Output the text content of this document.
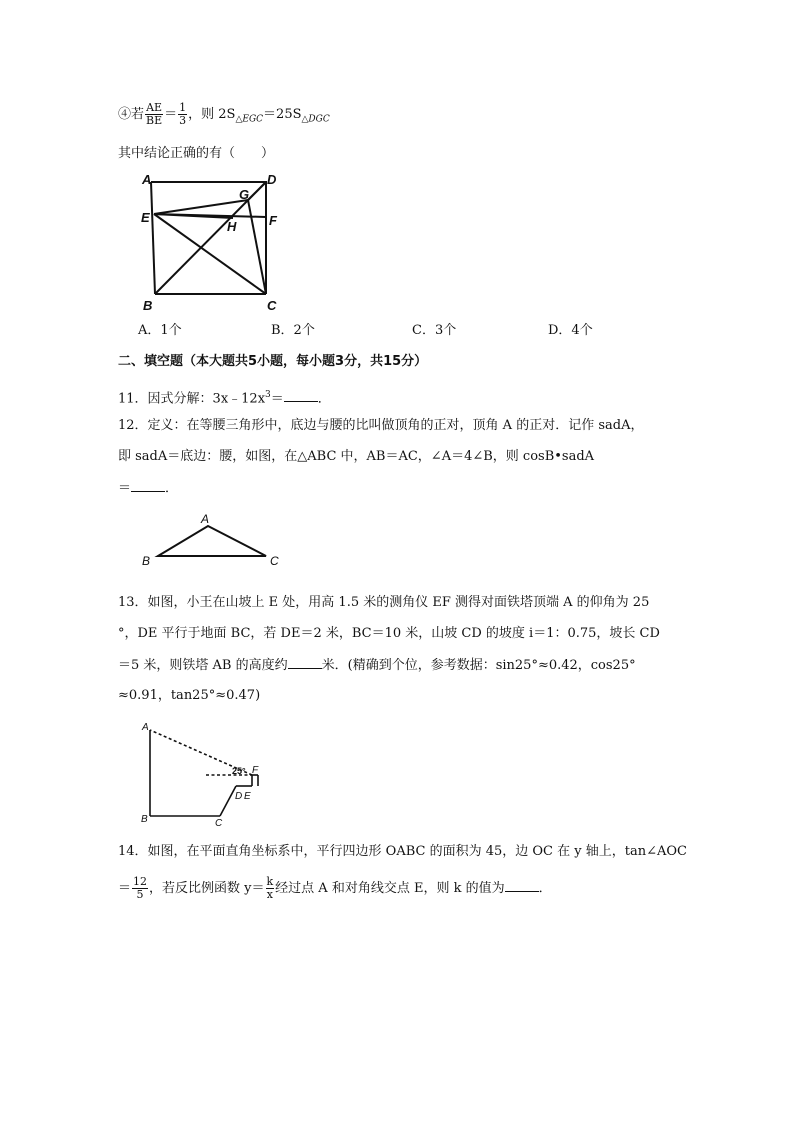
④若 $\frac{AE}{BE} = \frac{1}{3}$ ，则 $2S_{\triangle EGC}=25S_{\triangle DGC}$
其中结论正确的有（　　）
A	D
G
E	F
H
B	C
A．1个	B．2个	C．3个	D．4个
二、填空题（本大题共5小题，每小题3分，共15分）
11．因式分解：$3x﹣12x^3=$	．
12．定义：在等腰三角形中，底边与腰的比叫做顶角的正对，顶角 A 的正对．记作 sadA，
即 sadA＝底边：腰，如图，在△ABC 中，AB＝AC，∠A＝4∠B，则 cosB•sadA
＝	．
A
B	C
13．如图，小王在山坡上 E 处，用高 1.5 米的测角仪 EF 测得对面铁塔顶端 A 的仰角为 25
°，DE 平行于地面 BC，若 DE＝2 米，BC＝10 米，山坡 CD 的坡度 i＝1：0.75，坡长 CD
＝5 米，则铁塔 AB 的高度约	米．(精确到个位，参考数据：sin25°≈0.42，cos25°
≈0.91，tan25°≈0.47)
A
B	C
D E
F
25°
14．如图，在平面直角坐标系中，平行四边形 OABC 的面积为 45，边 OC 在 y 轴上，tan∠AOC
＝ $\frac{12}{5}$ ，若反比例函数 $y= \frac{k}{x}$ 经过点 A 和对角线交点 E，则 k 的值为	．
